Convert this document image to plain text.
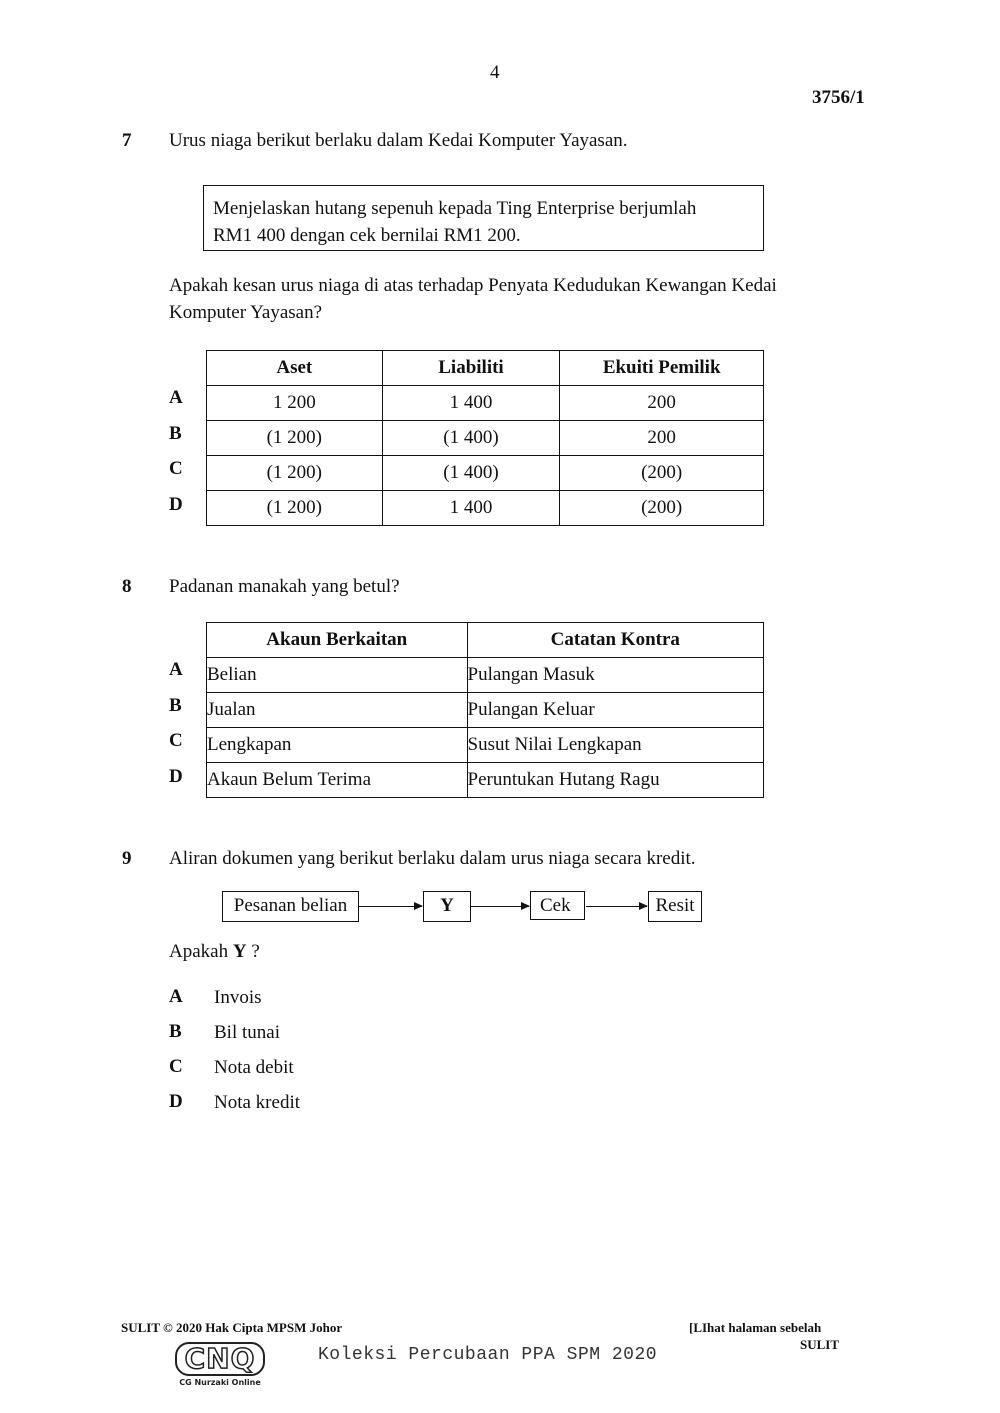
4
3756/1
7 Urus niaga berikut berlaku dalam Kedai Komputer Yayasan.
Menjelaskan hutang sepenuh kepada Ting Enterprise berjumlah
RM1 400 dengan cek bernilai RM1 200.
Apakah kesan urus niaga di atas terhadap Penyata Kedudukan Kewangan Kedai
Komputer Yayasan?
Aset	Liabiliti	Ekuiti Pemilik
1 200	1 400	200
(1 200)	(1 400)	200
(1 200)	(1 400)	(200)
(1 200)	1 400	(200)
A
B
C
D
8 Padanan manakah yang betul?
Akaun Berkaitan	Catatan Kontra
Belian	Pulangan Masuk
Jualan	Pulangan Keluar
Lengkapan	Susut Nilai Lengkapan
Akaun Belum Terima	Peruntukan Hutang Ragu
A
B
C
D
9 Aliran dokumen yang berikut berlaku dalam urus niaga secara kredit.
Pesanan belian	Y	Cek	Resit
Apakah Y ?
A Invois
B Bil tunai
C Nota debit
D Nota kredit
SULIT © 2020 Hak Cipta MPSM Johor	[LIhat halaman sebelah
SULIT
CNQ
CG Nurzaki Online
Koleksi Percubaan PPA SPM 2020
